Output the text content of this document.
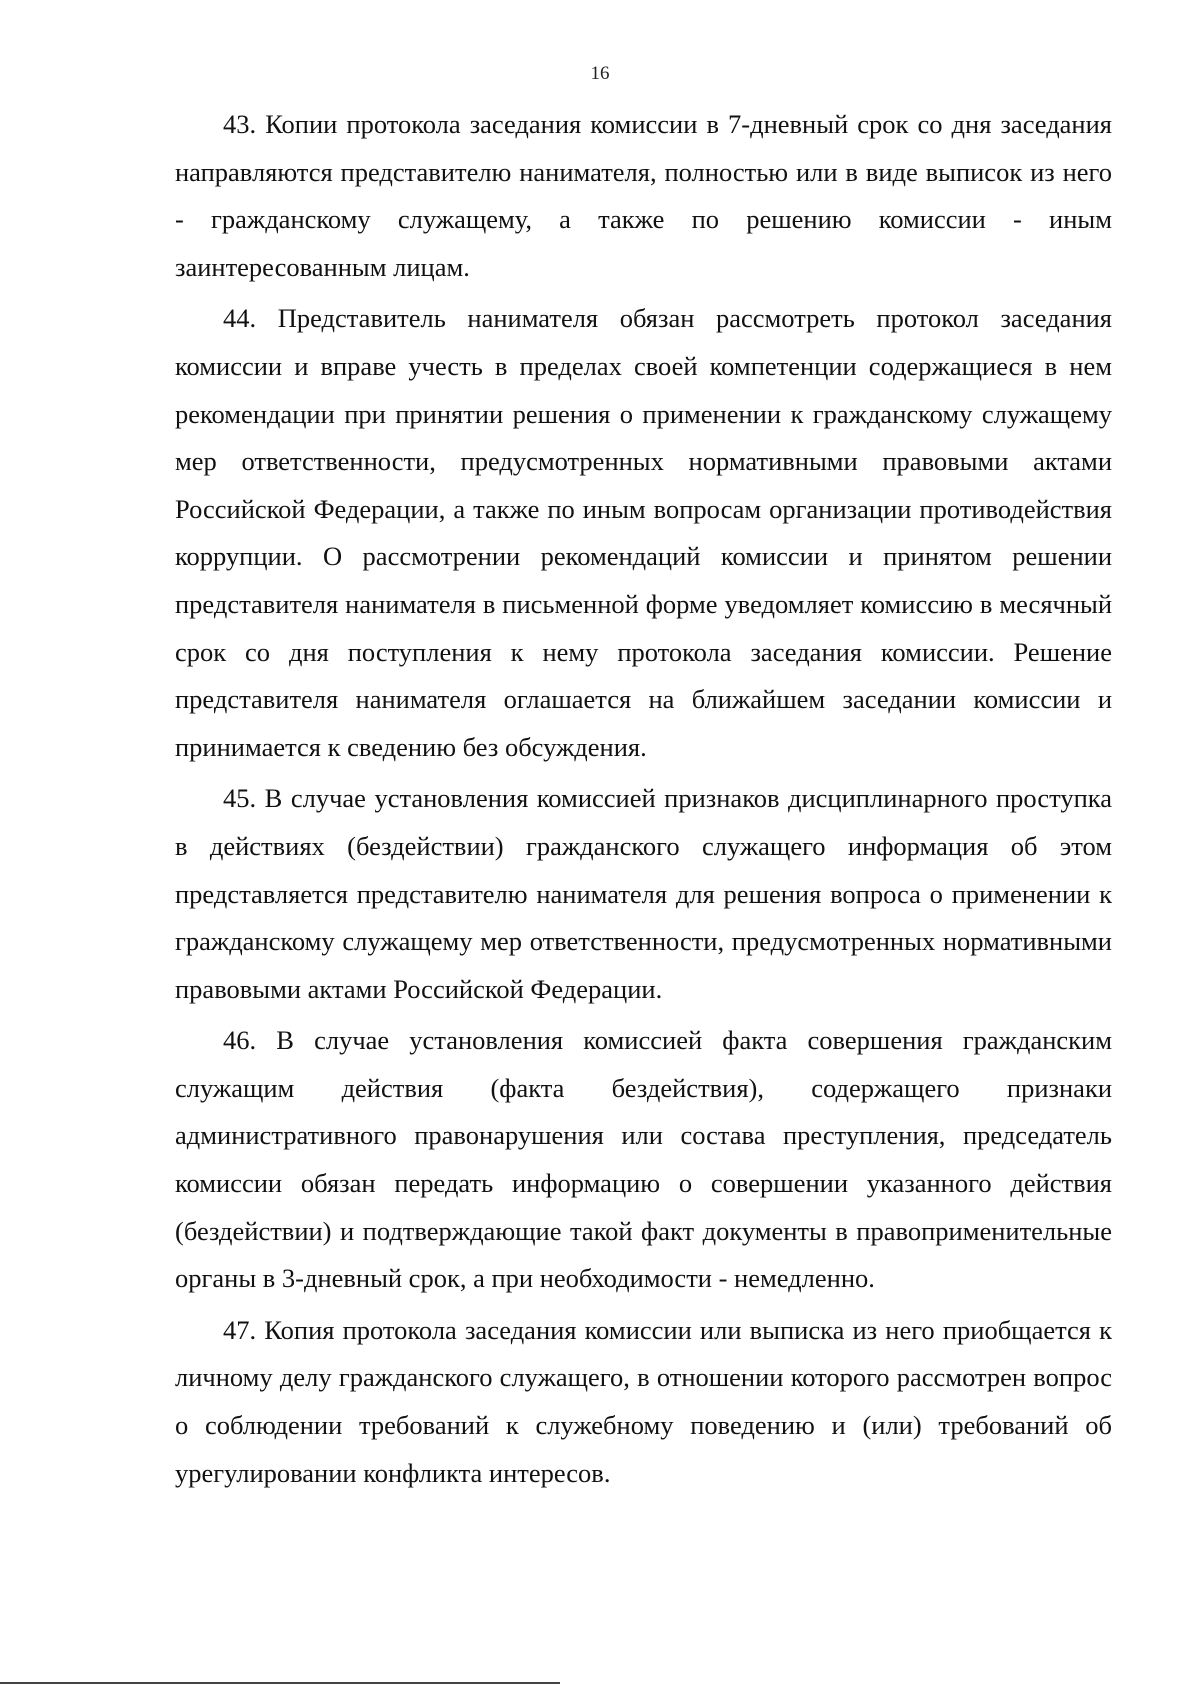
16

43. Копии протокола заседания комиссии в 7-дневный срок со дня заседания направляются представителю нанимателя, полностью или в виде выписок из него - гражданскому служащему, а также по решению комиссии - иным заинтересованным лицам.

44. Представитель нанимателя обязан рассмотреть протокол заседания комиссии и вправе учесть в пределах своей компетенции содержащиеся в нем рекомендации при принятии решения о применении к гражданскому служащему мер ответственности, предусмотренных нормативными правовыми актами Российской Федерации, а также по иным вопросам организации противодействия коррупции. О рассмотрении рекомендаций комиссии и принятом решении представителя нанимателя в письменной форме уведомляет комиссию в месячный срок со дня поступления к нему протокола заседания комиссии. Решение представителя нанимателя оглашается на ближайшем заседании комиссии и принимается к сведению без обсуждения.

45. В случае установления комиссией признаков дисциплинарного проступка в действиях (бездействии) гражданского служащего информация об этом представляется представителю нанимателя для решения вопроса о применении к гражданскому служащему мер ответственности, предусмотренных нормативными правовыми актами Российской Федерации.

46. В случае установления комиссией факта совершения гражданским служащим действия (факта бездействия), содержащего признаки административного правонарушения или состава преступления, председатель комиссии обязан передать информацию о совершении указанного действия (бездействии) и подтверждающие такой факт документы в правоприменительные органы в 3-дневный срок, а при необходимости - немедленно.

47. Копия протокола заседания комиссии или выписка из него приобщается к личному делу гражданского служащего, в отношении которого рассмотрен вопрос о соблюдении требований к служебному поведению и (или) требований об урегулировании конфликта интересов.
